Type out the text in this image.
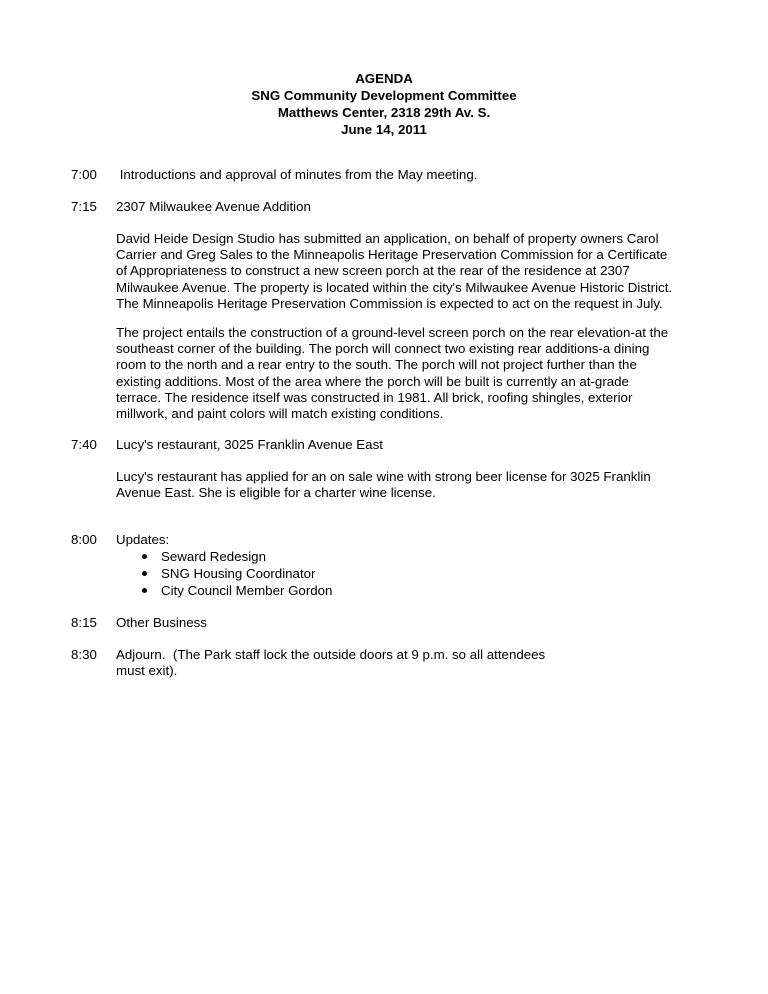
AGENDA
SNG Community Development Committee
Matthews Center, 2318 29th Av. S.
June 14, 2011
7:00	Introductions and approval of minutes from the May meeting.
7:15	2307 Milwaukee Avenue Addition
David Heide Design Studio has submitted an application, on behalf of property owners Carol
Carrier and Greg Sales to the Minneapolis Heritage Preservation Commission for a Certificate
of Appropriateness to construct a new screen porch at the rear of the residence at 2307
Milwaukee Avenue. The property is located within the city's Milwaukee Avenue Historic District.
The Minneapolis Heritage Preservation Commission is expected to act on the request in July.
The project entails the construction of a ground-level screen porch on the rear elevation-at the
southeast corner of the building. The porch will connect two existing rear additions-a dining
room to the north and a rear entry to the south. The porch will not project further than the
existing additions. Most of the area where the porch will be built is currently an at-grade
terrace. The residence itself was constructed in 1981. All brick, roofing shingles, exterior
millwork, and paint colors will match existing conditions.
7:40	Lucy's restaurant, 3025 Franklin Avenue East
Lucy's restaurant has applied for an on sale wine with strong beer license for 3025 Franklin
Avenue East. She is eligible for a charter wine license.
8:00	Updates:
Seward Redesign
SNG Housing Coordinator
City Council Member Gordon
8:15	Other Business
8:30	Adjourn.  (The Park staff lock the outside doors at 9 p.m. so all attendees
must exit).
